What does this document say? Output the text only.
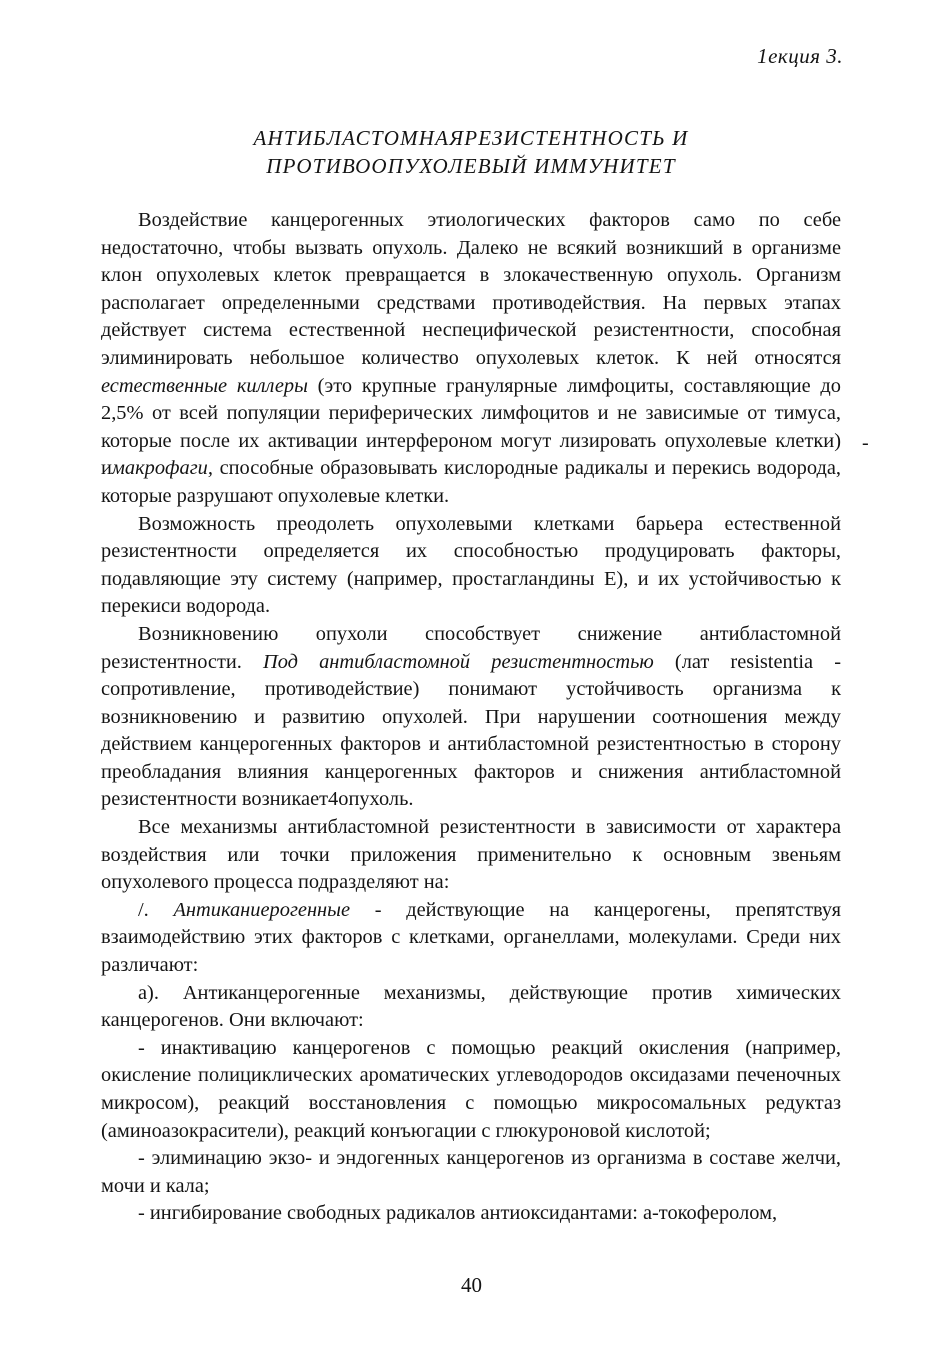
1екция 3.
АНТИБЛАСТОМНАЯРЕЗИСТЕНТНОСТЬ И
ПРОТИВООПУХОЛЕВЫЙ ИММУНИТЕТ

Воздействие канцерогенных этиологических факторов само по себе недостаточно, чтобы вызвать опухоль. Далеко не всякий возникший в организме клон опухолевых клеток превращается в злокачественную опухоль. Организм располагает определенными средствами противодействия. На первых этапах действует система естественной неспецифической резистентности, способная элиминировать небольшое количество опухолевых клеток. К ней относятся естественные киллеры (это крупные гранулярные лимфоциты, составляющие до 2,5% от всей популяции периферических лимфоцитов и не зависимые от тимуса, которые после их активации интерфероном могут лизировать опухолевые клетки) имакрофаги, способные образовывать кислородные радикалы и перекись водорода, которые разрушают опухолевые клетки.

Возможность преодолеть опухолевыми клетками барьера естественной резистентности определяется их способностью продуцировать факторы, подавляющие эту систему (например, простагландины Е), и их устойчивостью к перекиси водорода.

Возникновению опухоли способствует снижение антибластомной резистентности. Под антибластомной резистентностью (лат resistentia - сопротивление, противодействие) понимают устойчивость организма к возникновению и развитию опухолей. При нарушении соотношения между действием канцерогенных факторов и антибластомной резистентностью в сторону преобладания влияния канцерогенных факторов и снижения антибластомной резистентности возникает4опухоль.

Все механизмы антибластомной резистентности в зависимости от характера воздействия или точки приложения применительно к основным звеньям опухолевого процесса подразделяют на:

/. Антиканиерогенные - действующие на канцерогены, препятствуя взаимодействию этих факторов с клетками, органеллами, молекулами. Среди них различают:

а). Антиканцерогенные механизмы, действующие против химических канцерогенов. Они включают:

- инактивацию канцерогенов с помощью реакций окисления (например, окисление полициклических ароматических углеводородов оксидазами печеночных микросом), реакций восстановления с помощью микросомальных редуктаз (аминоазокрасители), реакций конъюгации с глюкуроновой кислотой;

- элиминацию экзо- и эндогенных канцерогенов из организма в составе желчи, мочи и кала;

- ингибирование свободных радикалов антиоксидантами: а-токоферолом,

-
40
